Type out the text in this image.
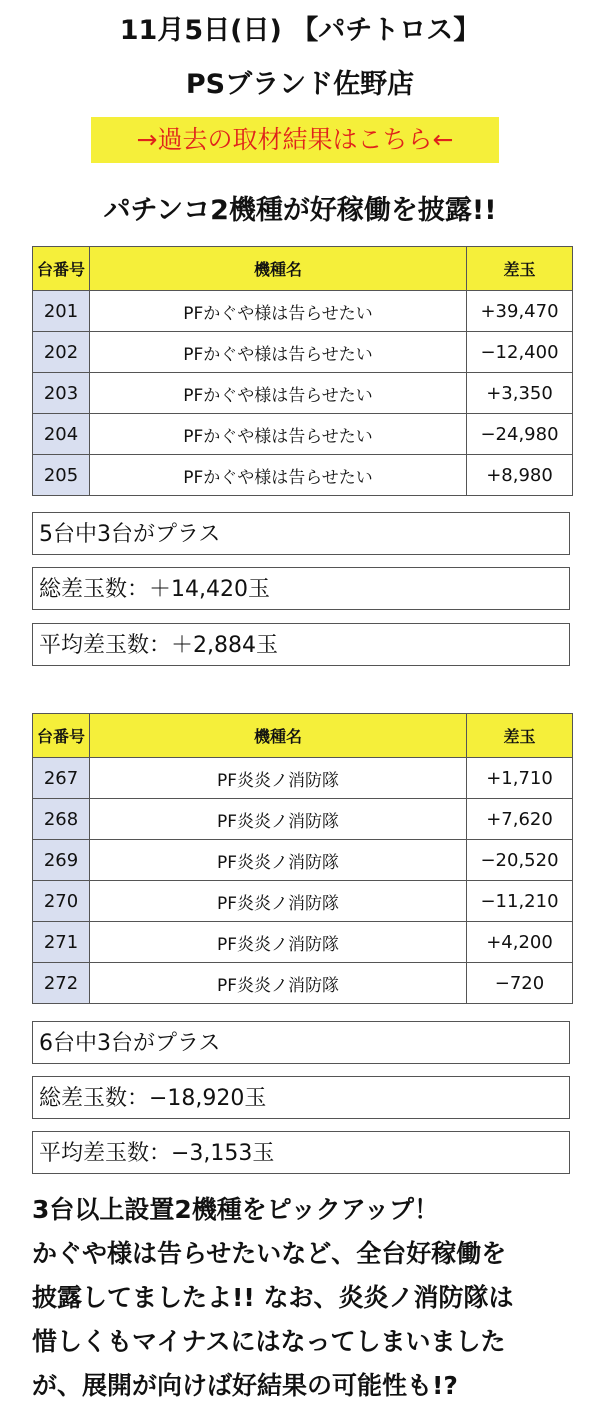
11月5日(日) 【パチトロス】
PSブランド佐野店
→過去の取材結果はこちら←
パチンコ2機種が好稼働を披露!!
台番号	機種名	差玉
201	PFかぐや様は告らせたい	+39,470
202	PFかぐや様は告らせたい	−12,400
203	PFかぐや様は告らせたい	+3,350
204	PFかぐや様は告らせたい	−24,980
205	PFかぐや様は告らせたい	+8,980
5台中3台がプラス
総差玉数：＋14,420玉
平均差玉数：＋2,884玉
台番号	機種名	差玉
267	PF炎炎ノ消防隊	+1,710
268	PF炎炎ノ消防隊	+7,620
269	PF炎炎ノ消防隊	−20,520
270	PF炎炎ノ消防隊	−11,210
271	PF炎炎ノ消防隊	+4,200
272	PF炎炎ノ消防隊	−720
6台中3台がプラス
総差玉数：−18,920玉
平均差玉数：−3,153玉

3台以上設置2機種をピックアップ！

かぐや様は告らせたいなど、全台好稼働を

披露してましたよ!! なお、炎炎ノ消防隊は

惜しくもマイナスにはなってしまいました

が、展開が向けば好結果の可能性も!?
